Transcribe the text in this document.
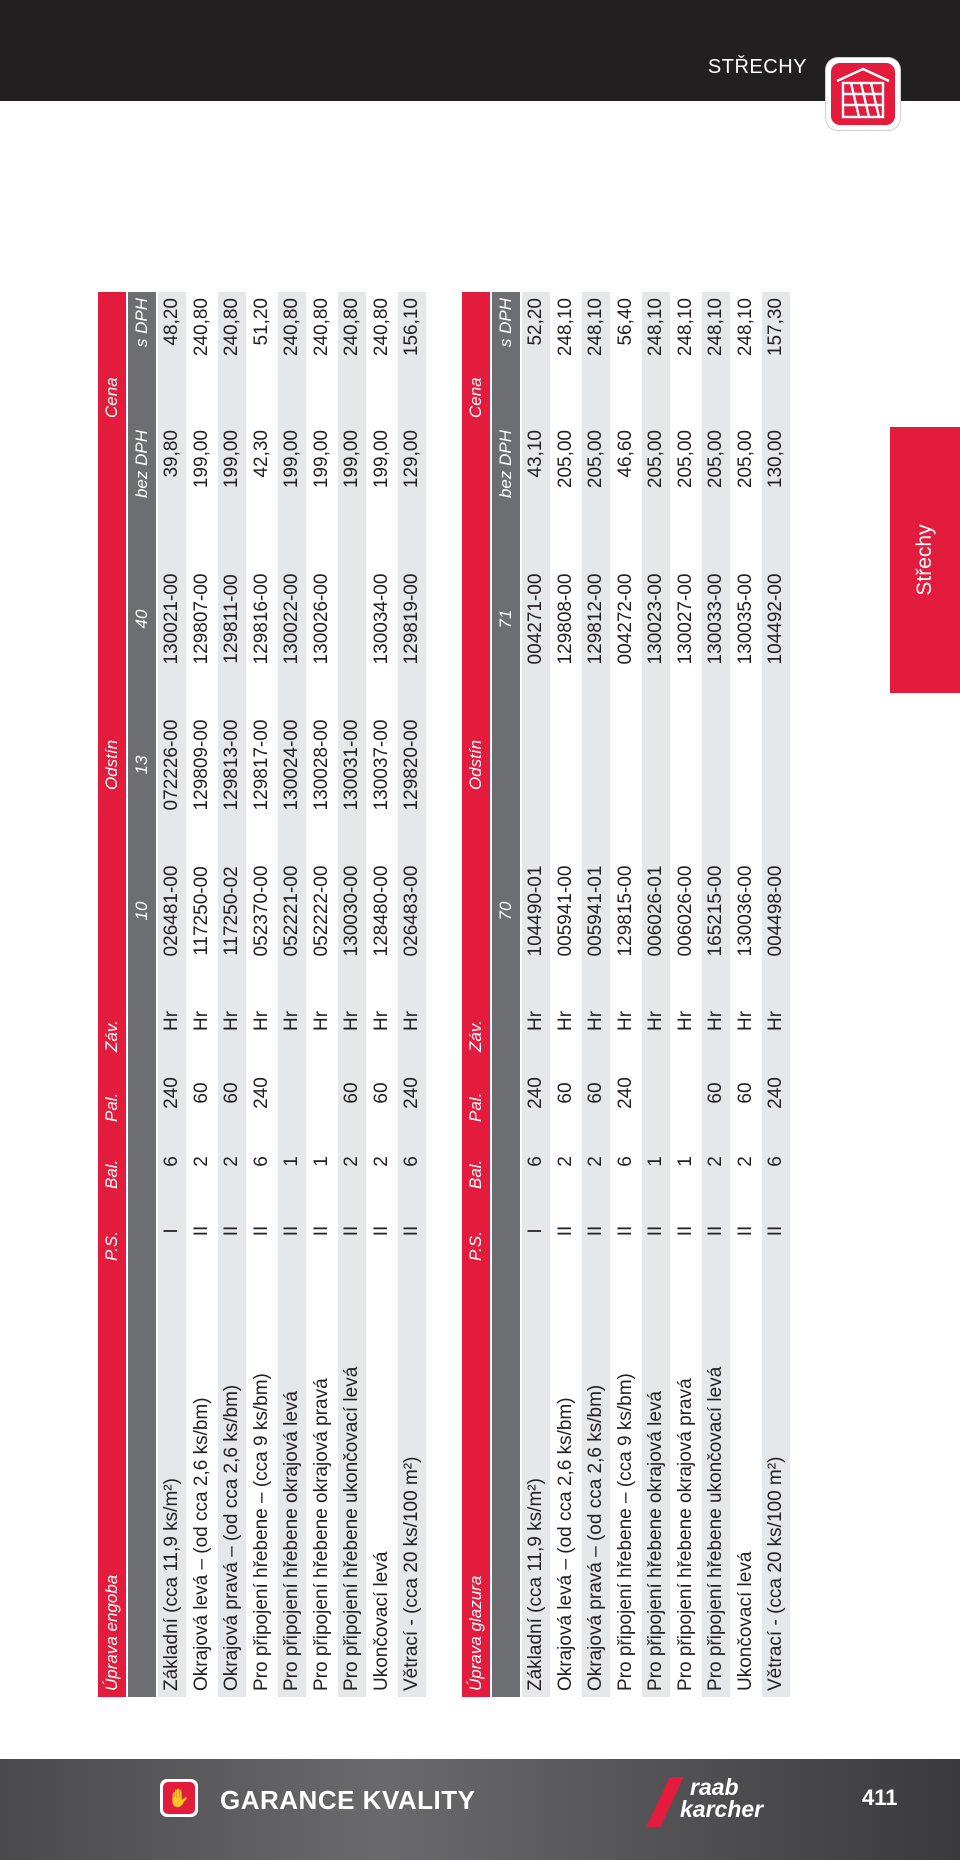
STŘECHY
Střechy
Úprava engoba	P.S.	Bal.	Pal.	Záv.		Odstín			Cena
					10	13	40	bez DPH	s DPH
Základní (cca 11,9 ks/m²)	I	6	240	Hr	026481-00	072226-00	130021-00	39,80	48,20
Okrajová levá – (od cca 2,6 ks/bm)	II	2	60	Hr	117250-00	129809-00	129807-00	199,00	240,80
Okrajová pravá – (od cca 2,6 ks/bm)	II	2	60	Hr	117250-02	129813-00	129811-00	199,00	240,80
Pro připojení hřebene – (cca 9 ks/bm)	II	6	240	Hr	052370-00	129817-00	129816-00	42,30	51,20
Pro připojení hřebene okrajová levá	II	1		Hr	052221-00	130024-00	130022-00	199,00	240,80
Pro připojení hřebene okrajová pravá	II	1		Hr	052222-00	130028-00	130026-00	199,00	240,80
Pro připojení hřebene ukončovací levá	II	2	60	Hr	130030-00	130031-00		199,00	240,80
Ukončovací levá	II	2	60	Hr	128480-00	130037-00	130034-00	199,00	240,80
Větrací - (cca 20 ks/100 m²)	II	6	240	Hr	026483-00	129820-00	129819-00	129,00	156,10
Úprava glazura	P.S.	Bal.	Pal.	Záv.		Odstín			Cena
					70		71	bez DPH	s DPH
Základní (cca 11,9 ks/m²)	I	6	240	Hr	104490-01		004271-00	43,10	52,20
Okrajová levá – (od cca 2,6 ks/bm)	II	2	60	Hr	005941-00		129808-00	205,00	248,10
Okrajová pravá – (od cca 2,6 ks/bm)	II	2	60	Hr	005941-01		129812-00	205,00	248,10
Pro připojení hřebene – (cca 9 ks/bm)	II	6	240	Hr	129815-00		004272-00	46,60	56,40
Pro připojení hřebene okrajová levá	II	1		Hr	006026-01		130023-00	205,00	248,10
Pro připojení hřebene okrajová pravá	II	1		Hr	006026-00		130027-00	205,00	248,10
Pro připojení hřebene ukončovací levá	II	2	60	Hr	165215-00		130033-00	205,00	248,10
Ukončovací levá	II	2	60	Hr	130036-00		130035-00	205,00	248,10
Větrací - (cca 20 ks/100 m²)	II	6	240	Hr	004498-00		104492-00	130,00	157,30
✋ GARANCE KVALITY	raab
karcher	411
